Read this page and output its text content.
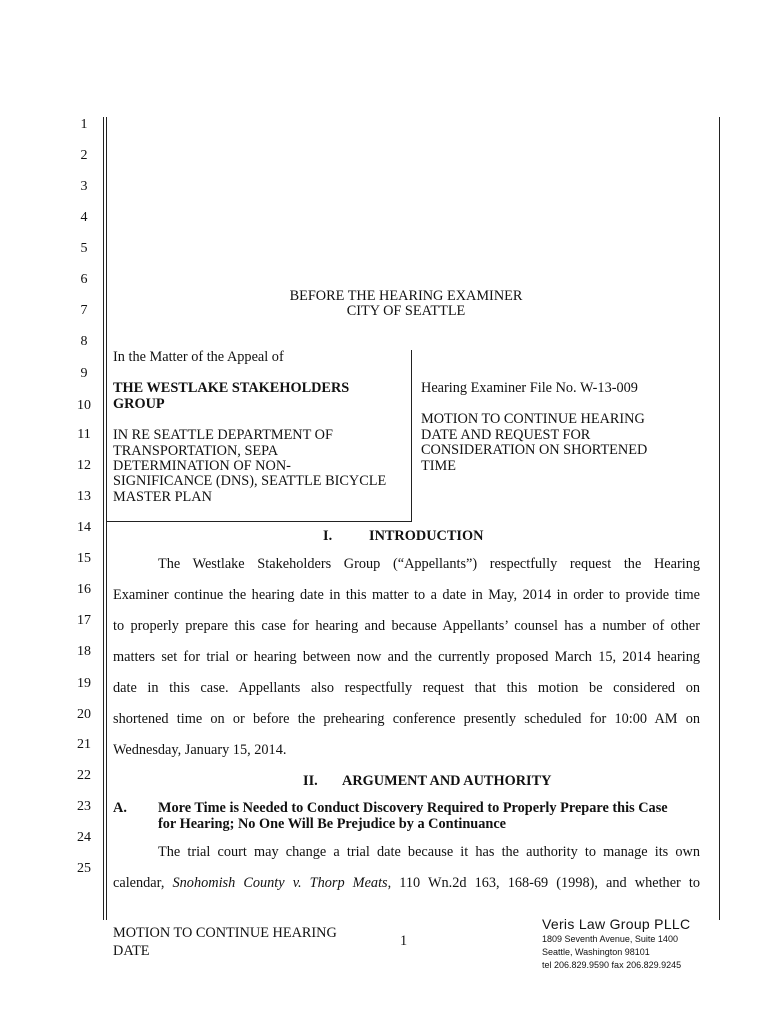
1
2
3
4
5
6
7
8
9
10
11
12
13
14
15
16
17
18
19
20
21
22
23
24
25
BEFORE THE HEARING EXAMINER
CITY OF SEATTLE
In the Matter of the Appeal of
THE WESTLAKE STAKEHOLDERS
GROUP
IN RE SEATTLE DEPARTMENT OF
TRANSPORTATION, SEPA
DETERMINATION OF NON-
SIGNIFICANCE (DNS), SEATTLE BICYCLE
MASTER PLAN
Hearing Examiner File No. W-13-009
MOTION TO CONTINUE HEARING
DATE AND REQUEST FOR
CONSIDERATION ON SHORTENED
TIME
I.	INTRODUCTION
The Westlake Stakeholders Group (“Appellants”) respectfully request the Hearing
Examiner continue the hearing date in this matter to a date in May, 2014 in order to provide time
to properly prepare this case for hearing and because Appellants’ counsel has a number of other
matters set for trial or hearing between now and the currently proposed March 15, 2014 hearing
date in this case. Appellants also respectfully request that this motion be considered on
shortened time on or before the prehearing conference presently scheduled for 10:00 AM on
Wednesday, January 15, 2014.
II. ARGUMENT AND AUTHORITY
A. More Time is Needed to Conduct Discovery Required to Properly Prepare this Case
for Hearing; No One Will Be Prejudice by a Continuance
The trial court may change a trial date because it has the authority to manage its own
calendar, Snohomish County v. Thorp Meats, 110 Wn.2d 163, 168-69 (1998), and whether to
MOTION TO CONTINUE HEARING
DATE
1
Veris Law Group PLLC
1809 Seventh Avenue, Suite 1400
Seattle, Washington 98101
tel 206.829.9590 fax 206.829.9245
